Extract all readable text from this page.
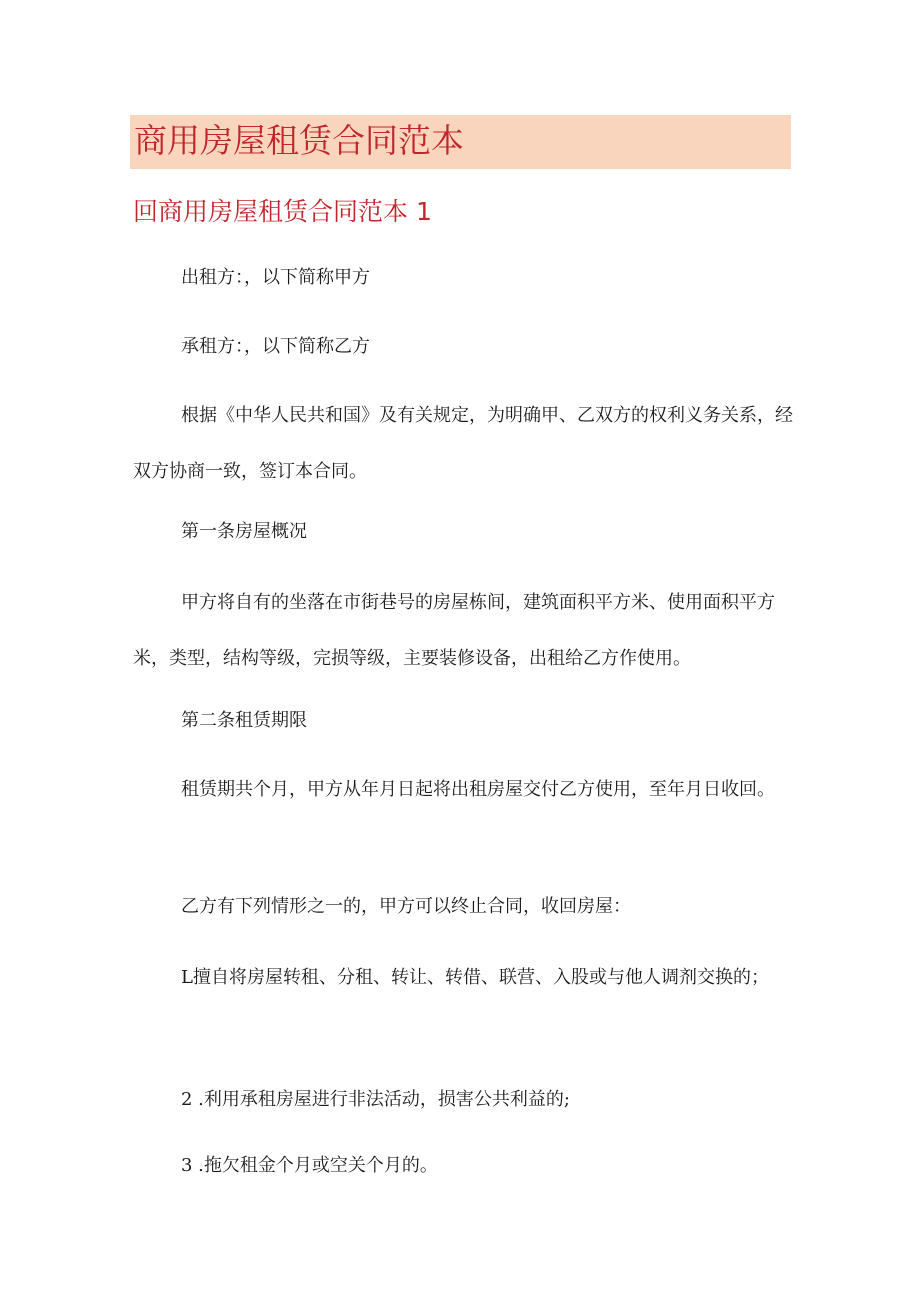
商用房屋租赁合同范本
回商用房屋租赁合同范本 1

出租方：，以下简称甲方

承租方：，以下简称乙方

根据《中华人民共和国》及有关规定，为明确甲、乙双方的权利义务关系，经双方协商一致，签订本合同。

第一条房屋概况

甲方将自有的坐落在市街巷号的房屋栋间，建筑面积平方米、使用面积平方米，类型，结构等级，完损等级，主要装修设备，出租给乙方作使用。

第二条租赁期限

租赁期共个月，甲方从年月日起将出租房屋交付乙方使用，至年月日收回。

乙方有下列情形之一的，甲方可以终止合同，收回房屋：

L擅自将房屋转租、分租、转让、转借、联营、入股或与他人调剂交换的；

2 .利用承租房屋进行非法活动，损害公共利益的;

3 .拖欠租金个月或空关个月的。
